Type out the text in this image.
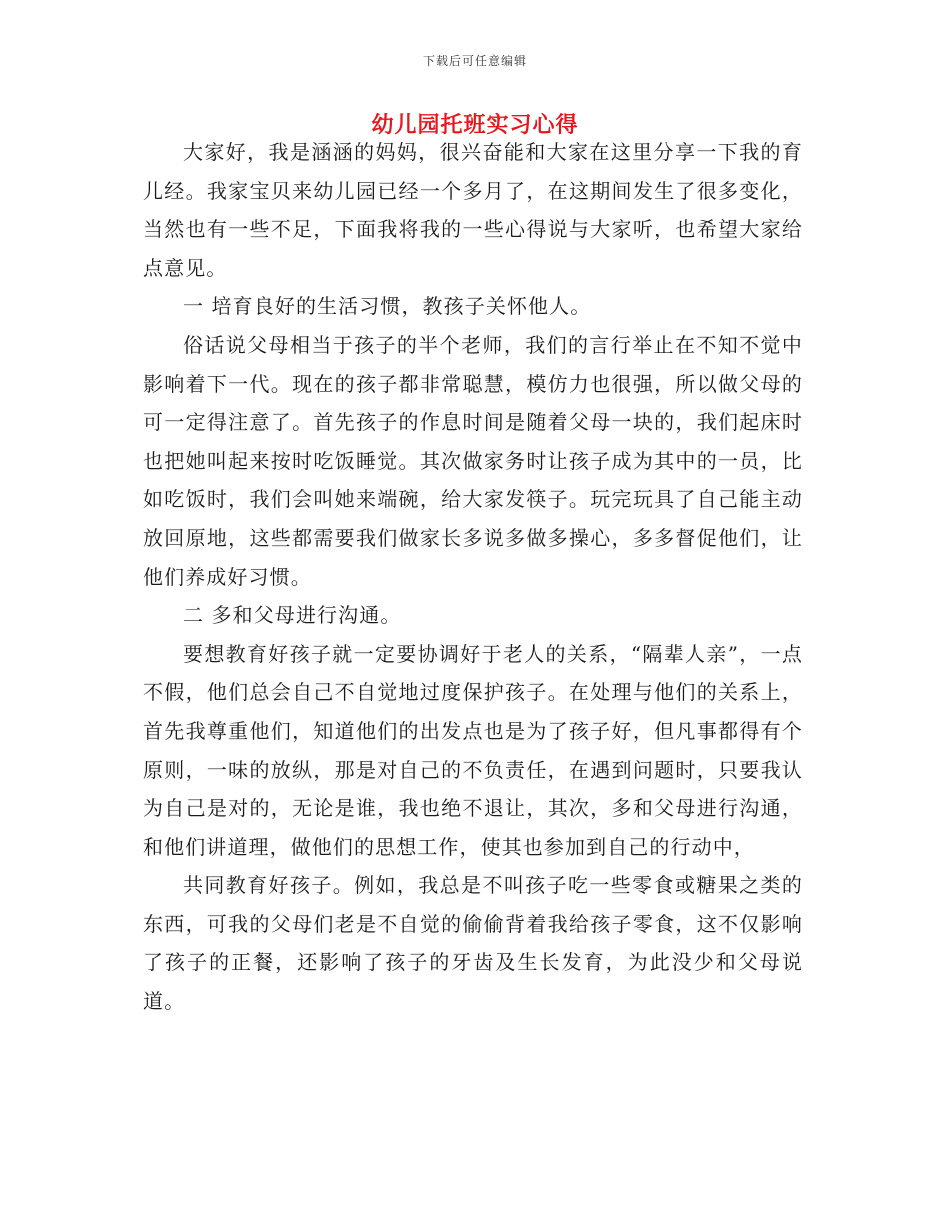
下载后可任意编辑
幼儿园托班实习心得

大家好，我是涵涵的妈妈，很兴奋能和大家在这里分享一下我的育儿经。我家宝贝来幼儿园已经一个多月了，在这期间发生了很多变化，当然也有一些不足，下面我将我的一些心得说与大家听，也希望大家给点意见。

一 培育良好的生活习惯，教孩子关怀他人。

俗话说父母相当于孩子的半个老师，我们的言行举止在不知不觉中影响着下一代。现在的孩子都非常聪慧，模仿力也很强，所以做父母的可一定得注意了。首先孩子的作息时间是随着父母一块的，我们起床时也把她叫起来按时吃饭睡觉。其次做家务时让孩子成为其中的一员，比如吃饭时，我们会叫她来端碗，给大家发筷子。玩完玩具了自己能主动放回原地，这些都需要我们做家长多说多做多操心，多多督促他们，让他们养成好习惯。

二 多和父母进行沟通。

要想教育好孩子就一定要协调好于老人的关系，“隔辈人亲”，一点不假，他们总会自己不自觉地过度保护孩子。在处理与他们的关系上，首先我尊重他们，知道他们的出发点也是为了孩子好，但凡事都得有个原则，一味的放纵，那是对自己的不负责任，在遇到问题时，只要我认为自己是对的，无论是谁，我也绝不退让，其次，多和父母进行沟通，和他们讲道理，做他们的思想工作，使其也参加到自己的行动中，

共同教育好孩子。例如，我总是不叫孩子吃一些零食或糖果之类的东西，可我的父母们老是不自觉的偷偷背着我给孩子零食，这不仅影响了孩子的正餐，还影响了孩子的牙齿及生长发育，为此没少和父母说道。
